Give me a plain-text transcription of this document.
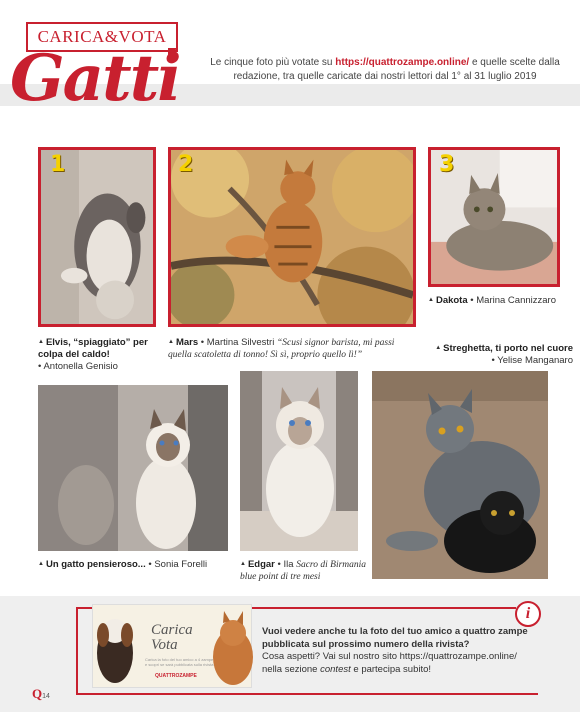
CARICA&VOTA
Gatti	Le cinque foto più votate su https://quattrozampe.online/ e quelle scelte dalla redazione, tra quelle caricate dai nostri lettori dal 1° al 31 luglio 2019
1	2	3
▲ Elvis, “spiaggiato” per colpa del caldo!
• Antonella Genisio
▲ Mars • Martina Silvestri “Scusi signor barista, mi passi quella scatoletta di tonno! Sì sì, proprio quello lì!”
▲ Dakota • Marina Cannizzaro
▲ Streghetta, ti porto nel cuore
• Yelise Manganaro
▲ Un gatto pensieroso... • Sonia Forelli	▲ Edgar • Ila Sacro di Birmania blue point di tre mesi
i
Carica
Vota
Carica la foto del tuo amico a 4 zampe e scopri se sarà pubblicata sulla rivista
QUATTROZAMPE
Vuoi vedere anche tu la foto del tuo amico a quattro zampe pubblicata sul prossimo numero della rivista?
Cosa aspetti? Vai sul nostro sito https://quattrozampe.online/
nella sezione contest e partecipa subito!
Q14
